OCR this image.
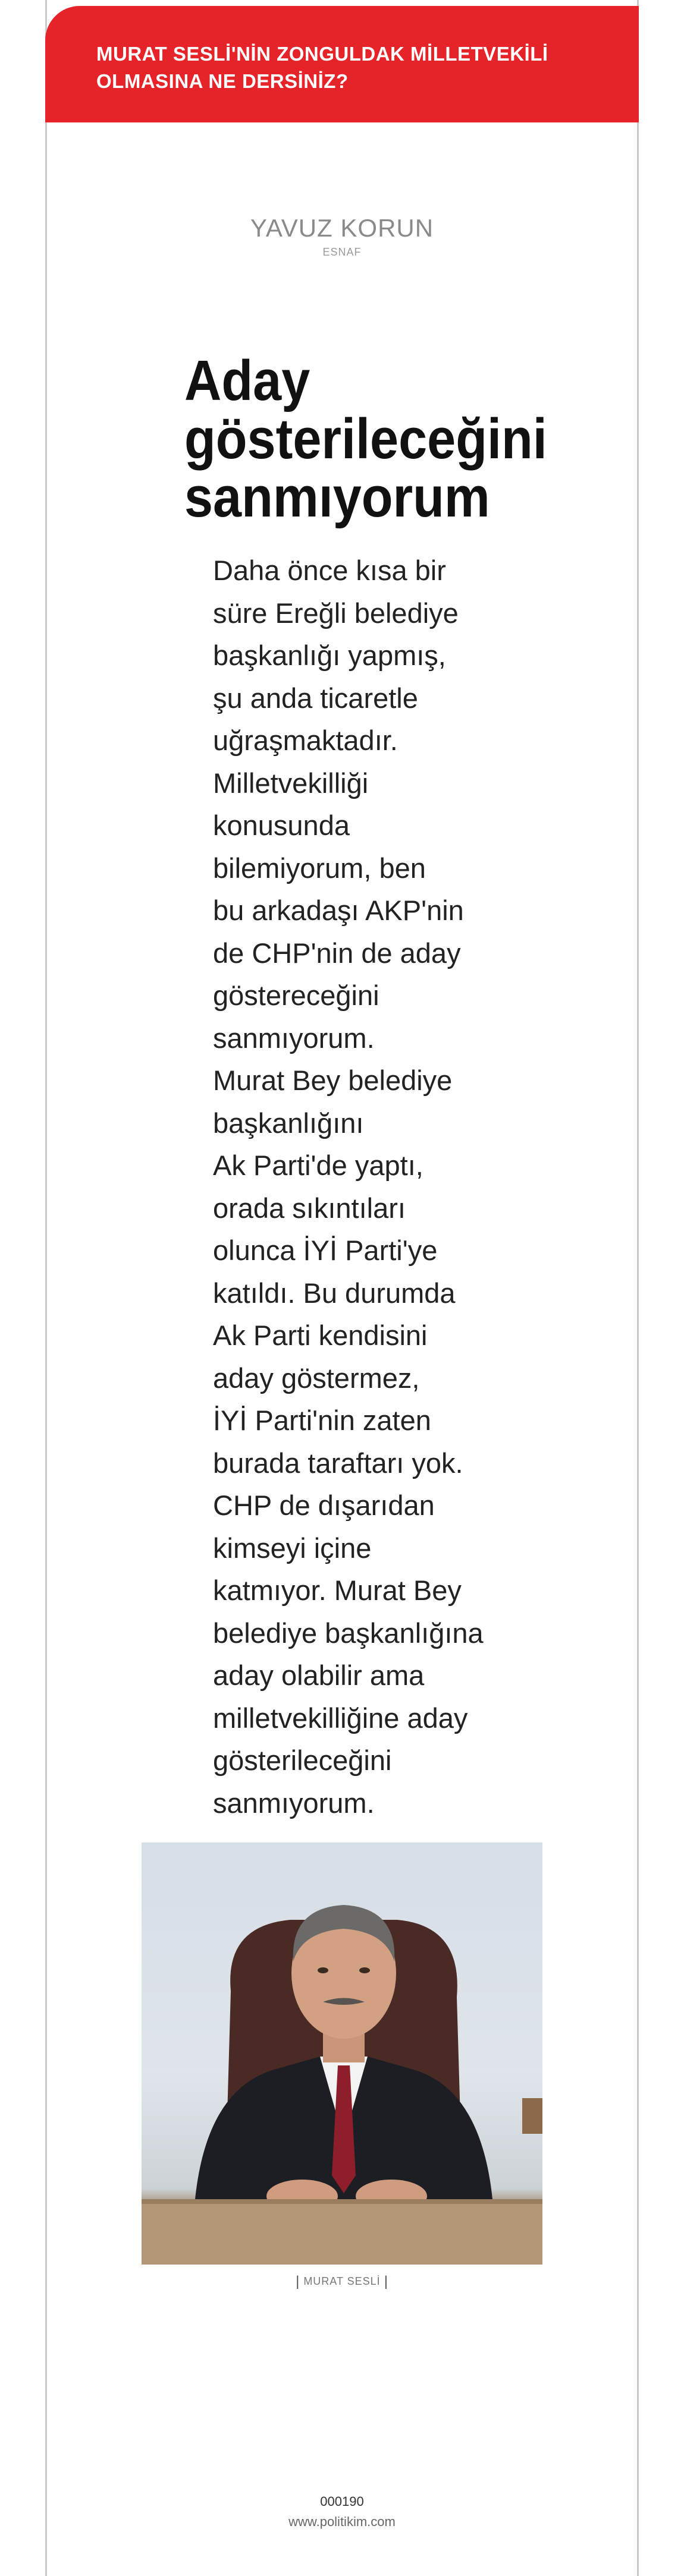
MURAT SESLİ'NİN ZONGULDAK MİLLETVEKİLİ OLMASINA NE DERSİNİZ?
YAVUZ KORUN
ESNAF
Aday
gösterileceğini
sanmıyorum
Daha önce kısa bir
süre Ereğli belediye
başkanlığı yapmış,
şu anda ticaretle
uğraşmaktadır.
Milletvekilliği
konusunda
bilemiyorum, ben
bu arkadaşı AKP'nin
de CHP'nin de aday
göstereceğini
sanmıyorum.
Murat Bey belediye
başkanlığını
Ak Parti'de yaptı,
orada sıkıntıları
olunca İYİ Parti'ye
katıldı. Bu durumda
Ak Parti kendisini
aday göstermez,
İYİ Parti'nin zaten
burada taraftarı yok.
CHP de dışarıdan
kimseyi içine
katmıyor. Murat Bey
belediye başkanlığına
aday olabilir ama
milletvekilliğine aday
gösterileceğini
sanmıyorum.
| MURAT SESLİ |
000190
www.politikim.com
